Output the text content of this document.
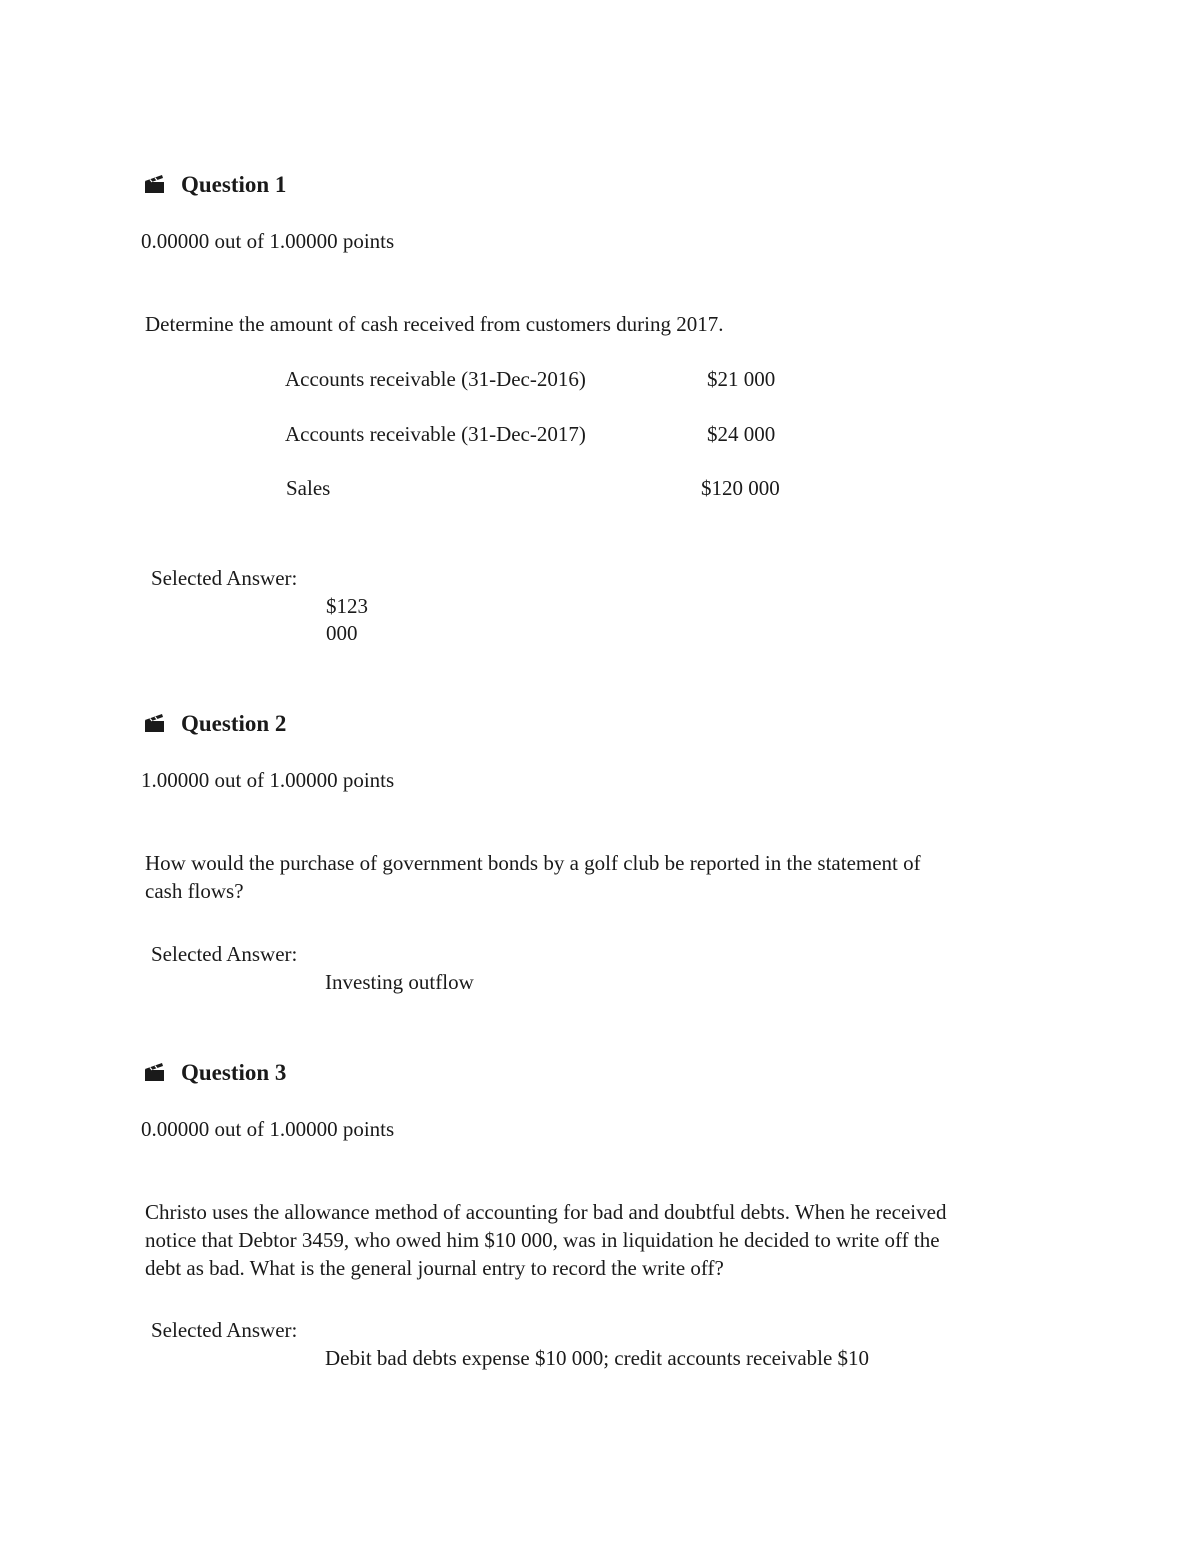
Question 1
0.00000 out of 1.00000 points
Determine the amount of cash received from customers during 2017.
Accounts receivable (31-Dec-2016)	$21 000
Accounts receivable (31-Dec-2017)	$24 000
Sales	$120 000
Selected Answer:
$123
000
Question 2
1.00000 out of 1.00000 points
How would the purchase of government bonds by a golf club be reported in the statement of
cash flows?
Selected Answer:
Investing outflow
Question 3
0.00000 out of 1.00000 points
Christo uses the allowance method of accounting for bad and doubtful debts. When he received
notice that Debtor 3459, who owed him $10 000, was in liquidation he decided to write off the
debt as bad. What is the general journal entry to record the write off?
Selected Answer:
Debit bad debts expense $10 000; credit accounts receivable $10
